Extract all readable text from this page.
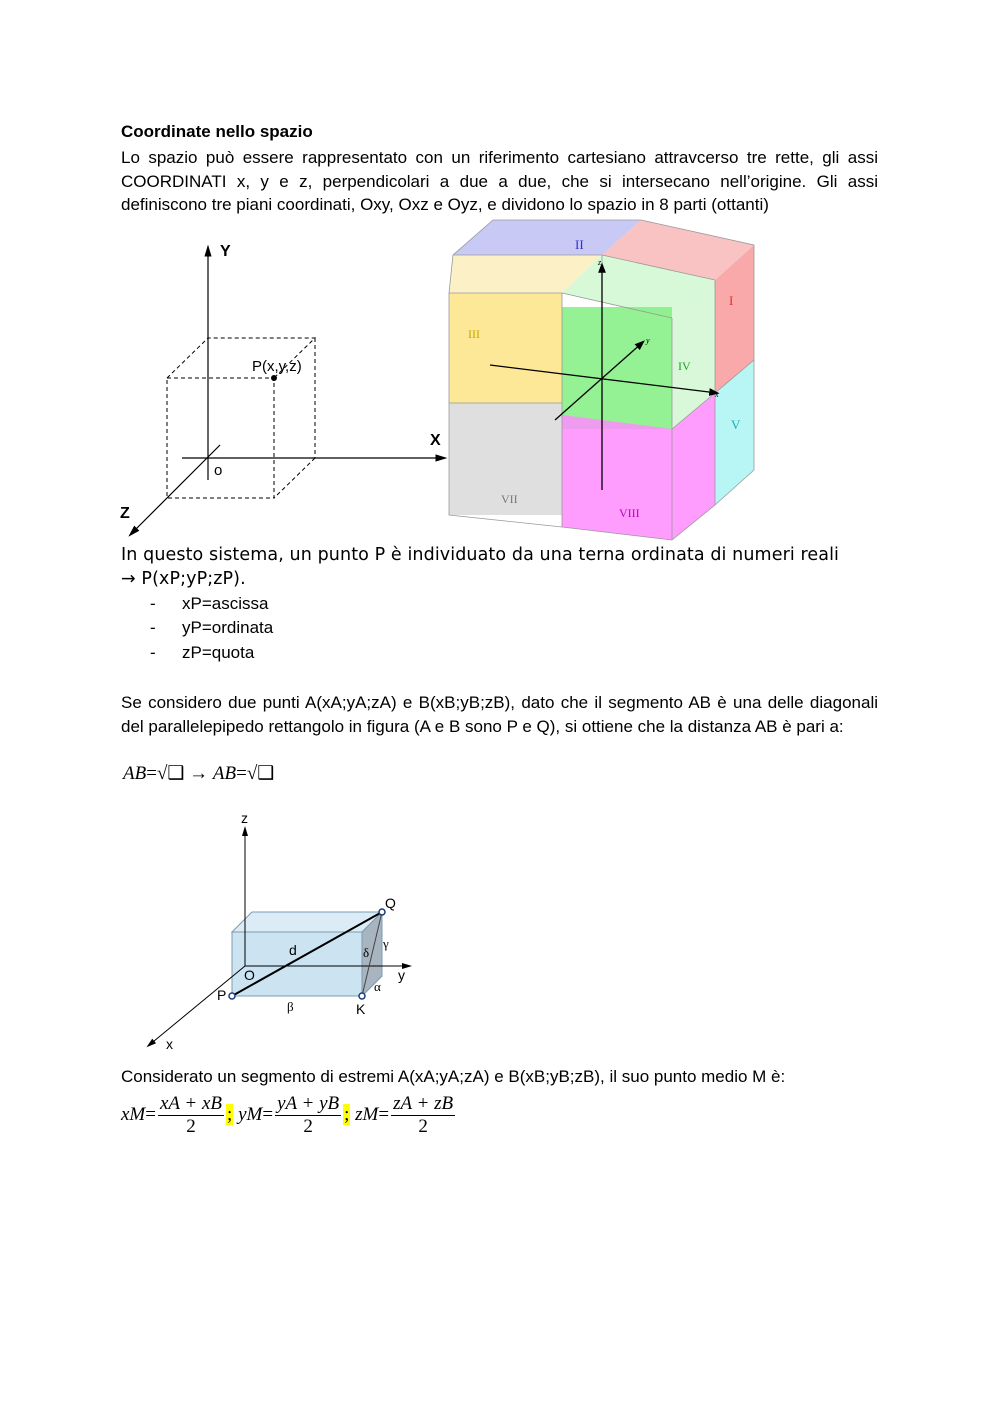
Coordinate nello spazio
Lo spazio può essere rappresentato con un riferimento cartesiano attravcerso tre rette, gli assi COORDINATI x, y e z, perpendicolari a due a due, che si intersecano nell’origine. Gli assi definiscono tre piani coordinati, Oxy, Oxz e Oyz, e dividono lo spazio in 8 parti (ottanti)
Y
X
Z
o
P(x,y,z)
z
y
x
II
I
III
IV
V
VII
VIII
In questo sistema, un punto P è individuato da una terna ordinata di numeri reali
→ P(xP;yP;zP).
- xP=ascissa
- yP=ordinata
- zP=quota
Se considero due punti A(xA;yA;zA) e B(xB;yB;zB), dato che il segmento AB è una delle diagonali del parallelepipedo rettangolo in figura (A e B sono P e Q), si ottiene che la distanza AB è pari a:
AB=√❑ → AB=√❑
z
y
x
Q
O
P
K
d	δ
γ
α
β
Considerato un segmento di estremi A(xA;yA;zA) e B(xB;yB;zB), il suo punto medio M è:
$xM= \frac{xA + xB}{2}$ ; $yM= \frac{yA + yB}{2}$ ; $zM= \frac{zA + zB}{2}$
